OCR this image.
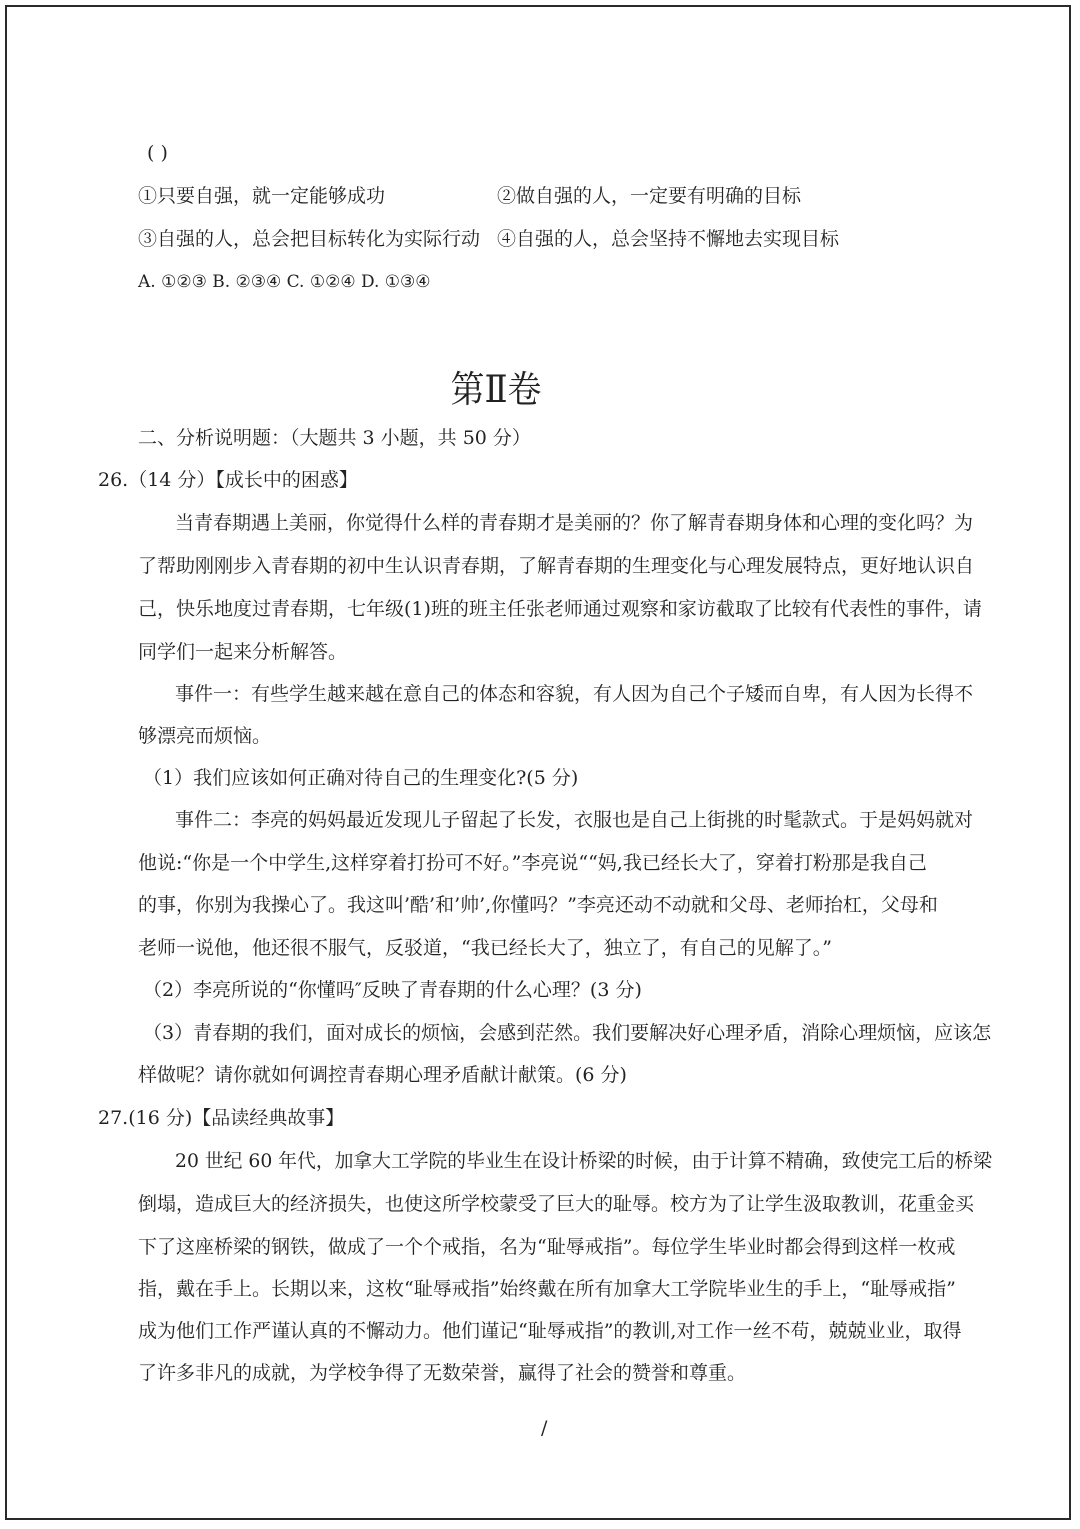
( )
①只要自强，就一定能够成功	②做自强的人，一定要有明确的目标
③自强的人，总会把目标转化为实际行动 ④自强的人，总会坚持不懈地去实现目标
A. ①②③ B. ②③④ C. ①②④ D. ①③④
第Ⅱ卷
二、分析说明题：（大题共 3 小题，共 50 分）
26.（14 分）【成长中的困惑】
当青春期遇上美丽，你觉得什么样的青春期才是美丽的？你了解青春期身体和心理的变化吗？为
了帮助刚刚步入青春期的初中生认识青春期，了解青春期的生理变化与心理发展特点，更好地认识自
己，快乐地度过青春期，七年级(1)班的班主任张老师通过观察和家访截取了比较有代表性的事件，请
同学们一起来分析解答。
事件一：有些学生越来越在意自己的体态和容貌，有人因为自己个子矮而自卑，有人因为长得不
够漂亮而烦恼。
（1）我们应该如何正确对待自己的生理变化?(5 分)
事件二：李亮的妈妈最近发现儿子留起了长发，衣服也是自己上街挑的时髦款式。于是妈妈就对
他说:“你是一个中学生,这样穿着打扮可不好。”李亮说““妈,我已经长大了，穿着打粉那是我自己
的事，你别为我操心了。我这叫’酷’和’帅’,你懂吗？”李亮还动不动就和父母、老师抬杠，父母和
老师一说他，他还很不服气，反驳道，“我已经长大了，独立了，有自己的见解了。”
（2）李亮所说的“你懂吗″反映了青春期的什么心理？(3 分)
（3）青春期的我们，面对成长的烦恼，会感到茫然。我们要解决好心理矛盾，消除心理烦恼，应该怎
样做呢？请你就如何调控青春期心理矛盾献计献策。(6 分)
27.(16 分)【品读经典故事】
20 世纪 60 年代，加拿大工学院的毕业生在设计桥梁的时候，由于计算不精确，致使完工后的桥梁
倒塌，造成巨大的经济损失，也使这所学校蒙受了巨大的耻辱。校方为了让学生汲取教训，花重金买
下了这座桥梁的钢铁，做成了一个个戒指，名为“耻辱戒指”。每位学生毕业时都会得到这样一枚戒
指，戴在手上。长期以来，这枚“耻辱戒指”始终戴在所有加拿大工学院毕业生的手上，“耻辱戒指”
成为他们工作严谨认真的不懈动力。他们谨记“耻辱戒指”的教训,对工作一丝不苟，兢兢业业，取得
了许多非凡的成就，为学校争得了无数荣誉，赢得了社会的赞誉和尊重。
/
